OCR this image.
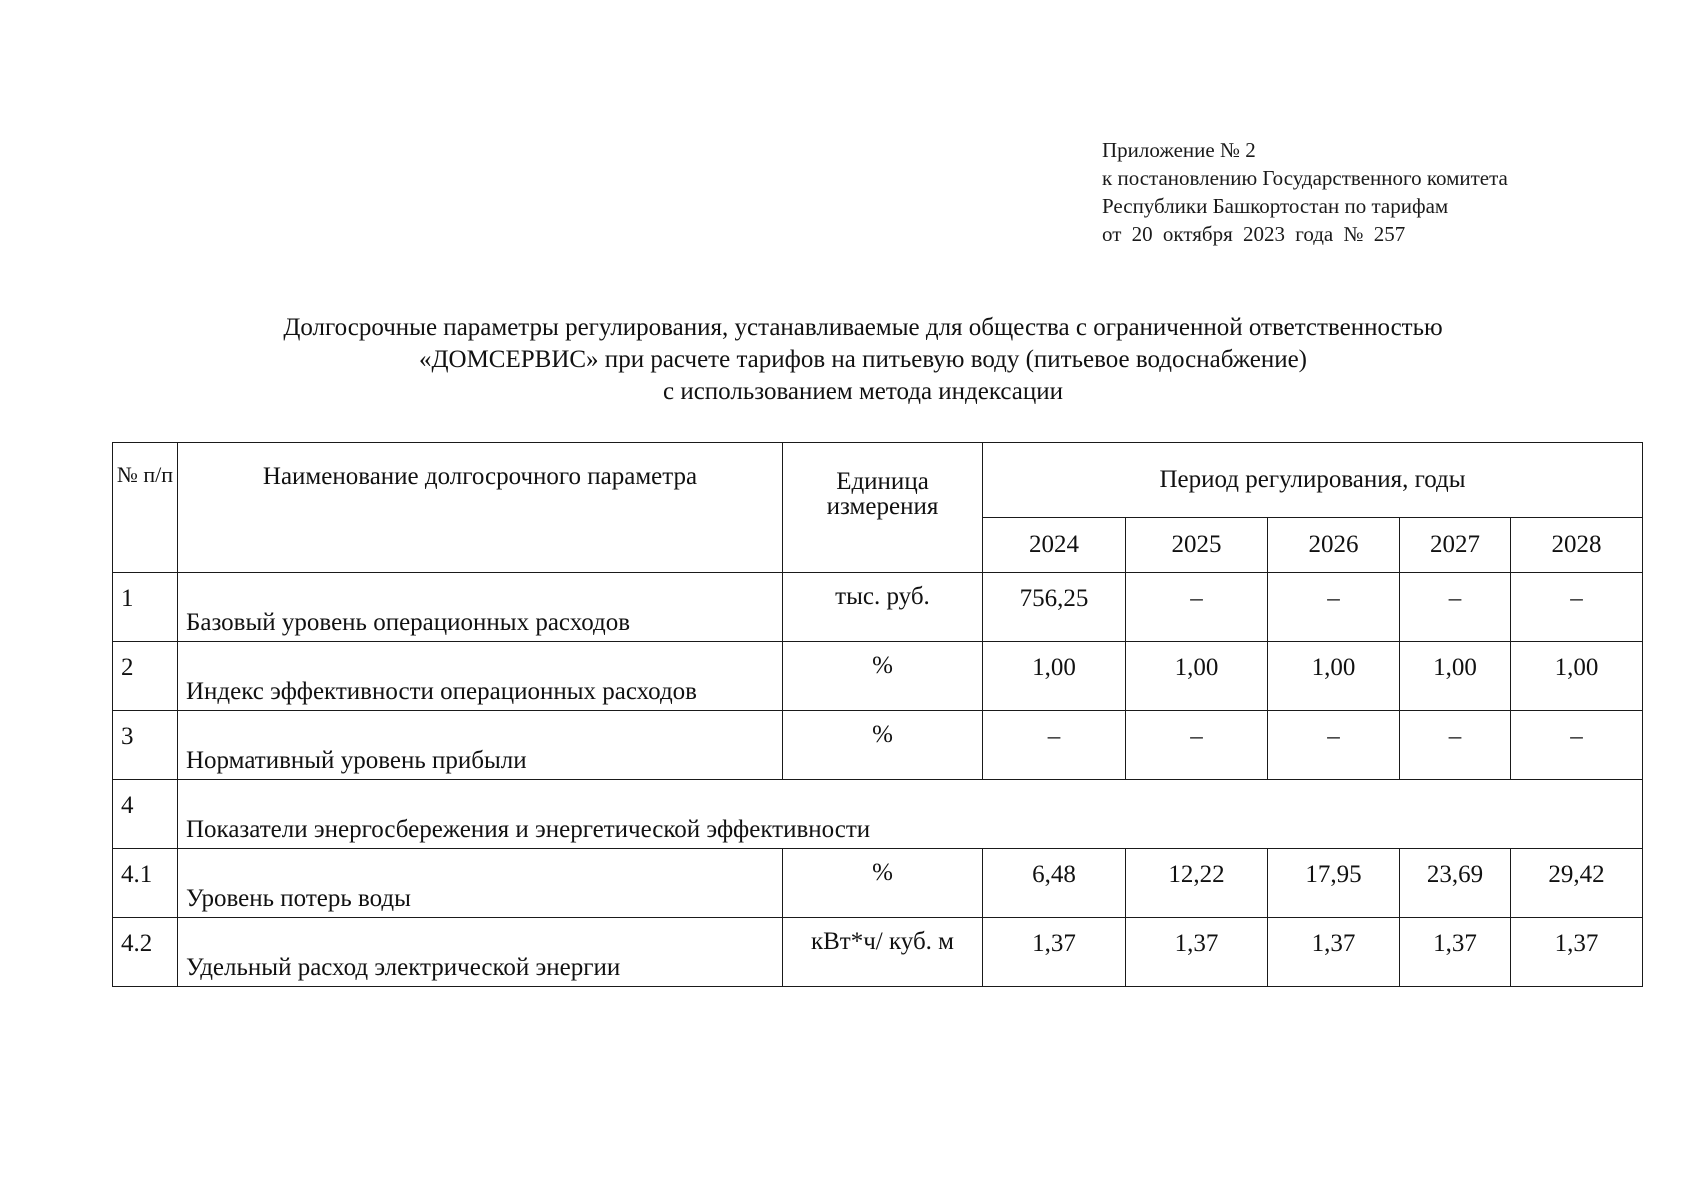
Приложение № 2
к постановлению Государственного комитета
Республики Башкортостан по тарифам
от 20 октября 2023 года № 257
Долгосрочные параметры регулирования, устанавливаемые для общества с ограниченной ответственностью
«ДОМСЕРВИС» при расчете тарифов на питьевую воду (питьевое водоснабжение)
с использованием метода индексации
№ п/п	Наименование долгосрочного параметра	Единица измерения	Период регулирования, годы				
			2024	2025	2026	2027	2028
1	Базовый уровень операционных расходов	тыс. руб.	756,25	–	–	–	–
2	Индекс эффективности операционных расходов	%	1,00	1,00	1,00	1,00	1,00
3	Нормативный уровень прибыли	%	–	–	–	–	–
4	Показатели энергосбережения и энергетической эффективности						
4.1	Уровень потерь воды	%	6,48	12,22	17,95	23,69	29,42
4.2	Удельный расход электрической энергии	кВт*ч/ куб. м	1,37	1,37	1,37	1,37	1,37
